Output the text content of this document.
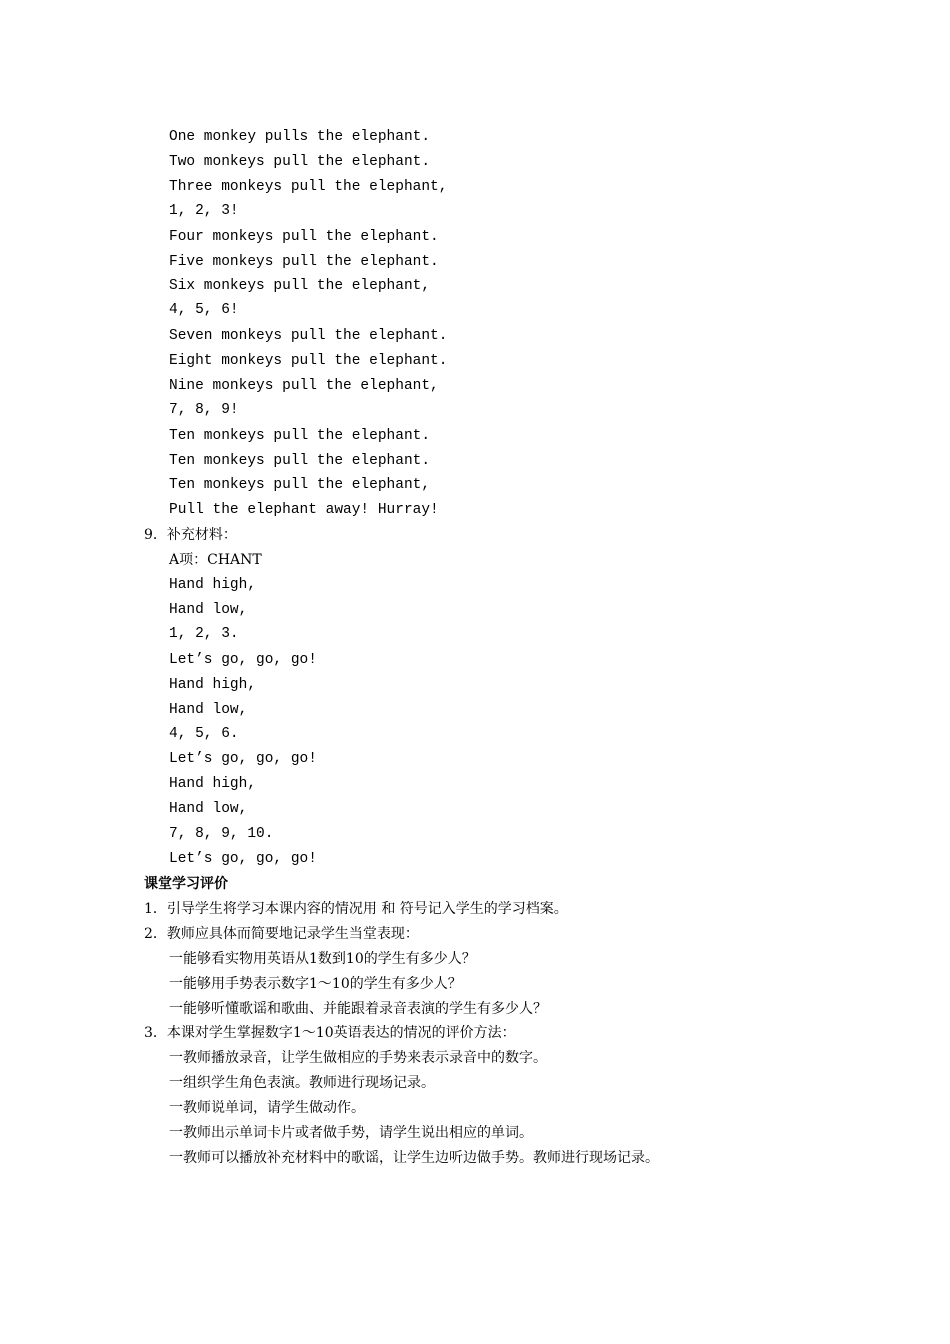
One monkey pulls the elephant.
Two monkeys pull the elephant.
Three monkeys pull the elephant,
1, 2, 3!
Four monkeys pull the elephant.
Five monkeys pull the elephant.
Six monkeys pull the elephant,
4, 5, 6!
Seven monkeys pull the elephant.
Eight monkeys pull the elephant.
Nine monkeys pull the elephant,
7, 8, 9!
Ten monkeys pull the elephant.
Ten monkeys pull the elephant.
Ten monkeys pull the elephant,
Pull the elephant away! Hurray!
9．补充材料：
A项：CHANT
Hand high,
Hand low,
1, 2, 3.
Let’s go, go, go!
Hand high,
Hand low,
4, 5, 6.
Let’s go, go, go!
Hand high,
Hand low,
7, 8, 9, 10.
Let’s go, go, go!
课堂学习评价
1．引导学生将学习本课内容的情况用 和 符号记入学生的学习档案。
2．教师应具体而简要地记录学生当堂表现：
一能够看实物用英语从1数到10的学生有多少人？
一能够用手势表示数字1～10的学生有多少人？
一能够听懂歌谣和歌曲、并能跟着录音表演的学生有多少人？
3．本课对学生掌握数字1～10英语表达的情况的评价方法：
一教师播放录音，让学生做相应的手势来表示录音中的数字。
一组织学生角色表演。教师进行现场记录。
一教师说单词，请学生做动作。
一教师出示单词卡片或者做手势，请学生说出相应的单词。
一教师可以播放补充材料中的歌谣，让学生边听边做手势。教师进行现场记录。
